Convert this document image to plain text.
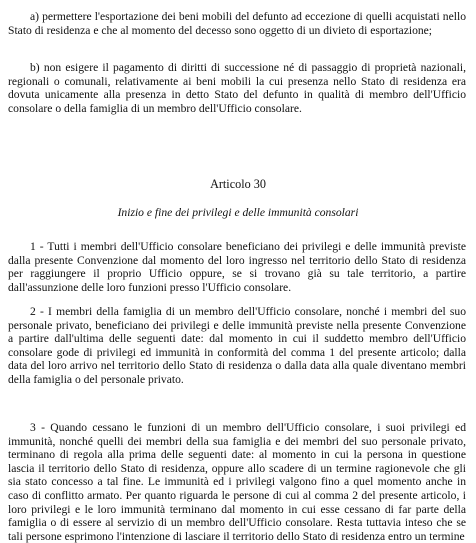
a) permettere l'esportazione dei beni mobili del defunto ad eccezione di quelli acquistati nello Stato di residenza e che al momento del decesso sono oggetto di un divieto di esportazione;

b) non esigere il pagamento di diritti di successione né di passaggio di proprietà nazionali, regionali o comunali, relativamente ai beni mobili la cui presenza nello Stato di residenza era dovuta unicamente alla presenza in detto Stato del defunto in qualità di membro dell'Ufficio consolare o della famiglia di un membro dell'Ufficio consolare.

Articolo 30

Inizio e fine dei privilegi e delle immunità consolari

1 - Tutti i membri dell'Ufficio consolare beneficiano dei privilegi e delle immunità previste dalla presente Convenzione dal momento del loro ingresso nel territorio dello Stato di residenza per raggiungere il proprio Ufficio oppure, se si trovano già su tale territorio, a partire dall'assunzione delle loro funzioni presso l'Ufficio consolare.

2 - I membri della famiglia di un membro dell'Ufficio consolare, nonché i membri del suo personale privato, beneficiano dei privilegi e delle immunità previste nella presente Convenzione a partire dall'ultima delle seguenti date: dal momento in cui il suddetto membro dell'Ufficio consolare gode di privilegi ed immunità in conformità del comma 1 del presente articolo; dalla data del loro arrivo nel territorio dello Stato di residenza o dalla data alla quale diventano membri della famiglia o del personale privato.

3 - Quando cessano le funzioni di un membro dell'Ufficio consolare, i suoi privilegi ed immunità, nonché quelli dei membri della sua famiglia e dei membri del suo personale privato, terminano di regola alla prima delle seguenti date: al momento in cui la persona in questione lascia il territorio dello Stato di residenza, oppure allo scadere di un termine ragionevole che gli sia stato concesso a tal fine. Le immunità ed i privilegi valgono fino a quel momento anche in caso di conflitto armato. Per quanto riguarda le persone di cui al comma 2 del presente articolo, i loro privilegi e le loro immunità terminano dal momento in cui esse cessano di far parte della famiglia o di essere al servizio di un membro dell'Ufficio consolare. Resta tuttavia inteso che se tali persone esprimono l'intenzione di lasciare il territorio dello Stato di residenza entro un termine
